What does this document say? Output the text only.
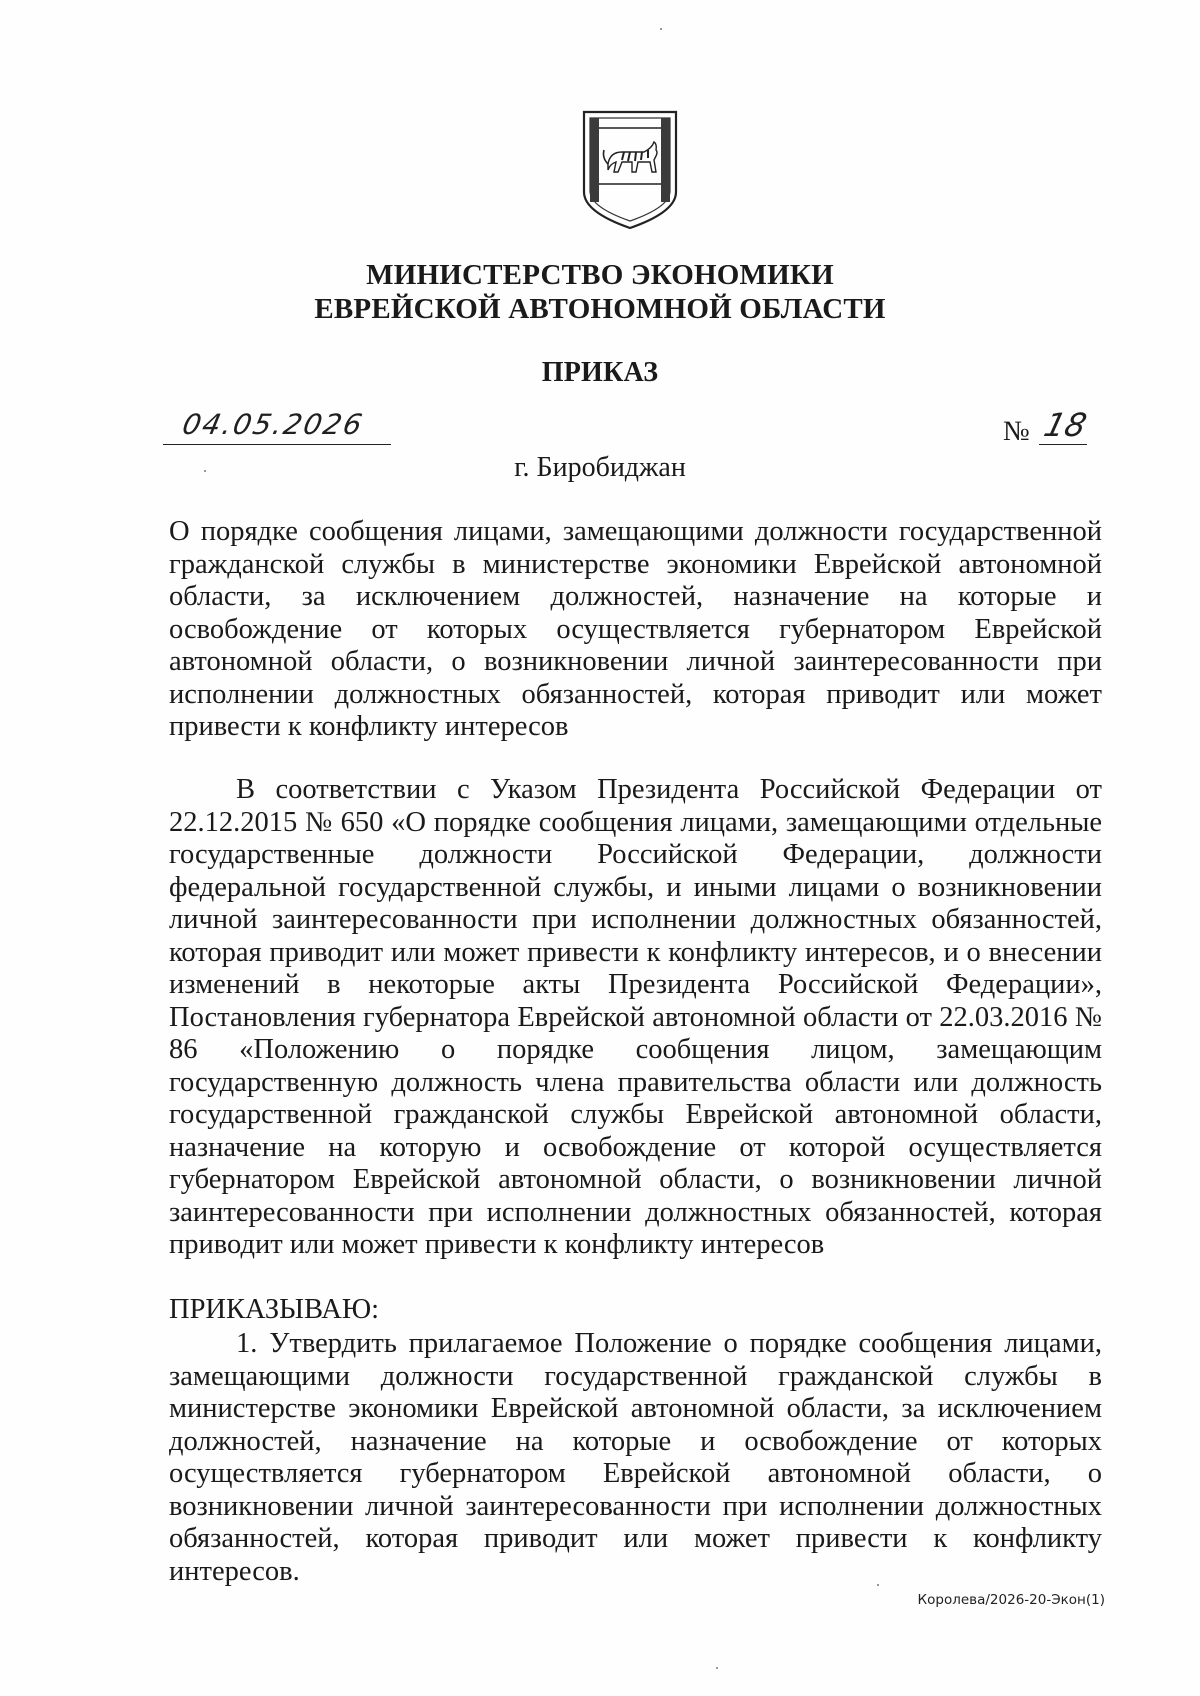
МИНИСТЕРСТВО ЭКОНОМИКИ
ЕВРЕЙСКОЙ АВТОНОМНОЙ ОБЛАСТИ
ПРИКАЗ
04.05.2026	№ 18
г. Биробиджан
О порядке сообщения лицами, замещающими должности государственной гражданской службы в министерстве экономики Еврейской автономной области, за исключением должностей, назначение на которые и освобождение от которых осуществляется губернатором Еврейской автономной области, о возникновении личной заинтересованности при исполнении должностных обязанностей, которая приводит или может привести к конфликту интересов
В соответствии с Указом Президента Российской Федерации от 22.12.2015 № 650 «О порядке сообщения лицами, замещающими отдельные государственные должности Российской Федерации, должности федеральной государственной службы, и иными лицами о возникновении личной заинтересованности при исполнении должностных обязанностей, которая приводит или может привести к конфликту интересов, и о внесении изменений в некоторые акты Президента Российской Федерации», Постановления губернатора Еврейской автономной области от 22.03.2016 № 86 «Положению о порядке сообщения лицом, замещающим государственную должность члена правительства области или должность государственной гражданской службы Еврейской автономной области, назначение на которую и освобождение от которой осуществляется губернатором Еврейской автономной области, о возникновении личной заинтересованности при исполнении должностных обязанностей, которая приводит или может привести к конфликту интересов
ПРИКАЗЫВАЮ:
1. Утвердить прилагаемое Положение о порядке сообщения лицами, замещающими должности государственной гражданской службы в министерстве экономики Еврейской автономной области, за исключением должностей, назначение на которые и освобождение от которых осуществляется губернатором Еврейской автономной области, о возникновении личной заинтересованности при исполнении должностных обязанностей, которая приводит или может привести к конфликту интересов.
Королева/2026-20-Экон(1)
